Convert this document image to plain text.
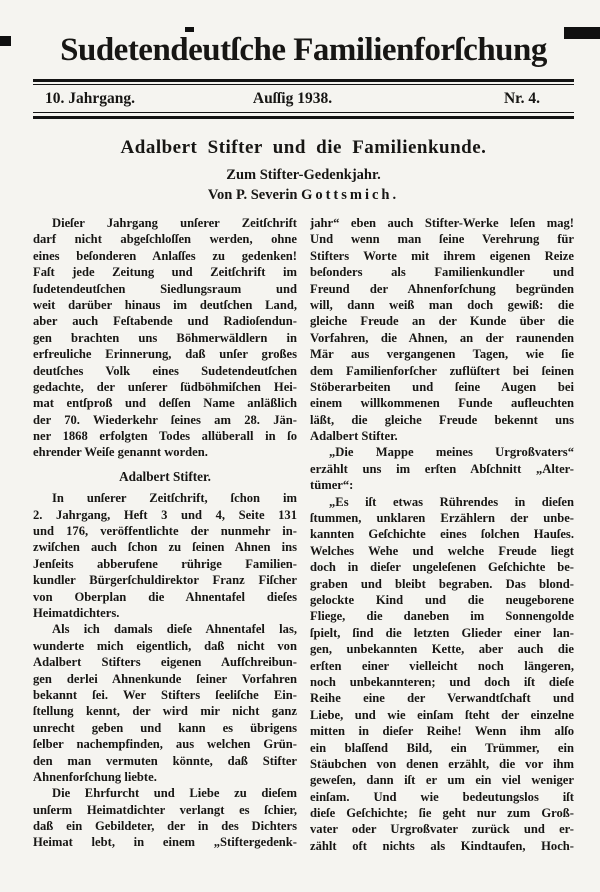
Sudetendeutſche Familienforſchung
10. Jahrgang.	Auſſig 1938.	Nr. 4.
Adalbert Stifter und die Familienkunde.
Zum Stifter-Gedenkjahr.
Von P. Severin Gottsmich.
Dieſer Jahrgang unſerer Zeitſchrift
darf nicht abgeſchloſſen werden, ohne
eines beſonderen Anlaſſes zu gedenken!
Faſt jede Zeitung und Zeitſchrift im
ſudetendeutſchen Siedlungsraum und
weit darüber hinaus im deutſchen Land,
aber auch Feſtabende und Radioſendun-
gen brachten uns Böhmerwäldlern in
erfreuliche Erinnerung, daß unſer großes
deutſches Volk eines Sudetendeutſchen
gedachte, der unſerer ſüdböhmiſchen Hei-
mat entſproß und deſſen Name anläßlich
der 70. Wiederkehr ſeines am 28. Jän-
ner 1868 erfolgten Todes allüberall in ſo
ehrender Weiſe genannt worden.
Adalbert Stifter.
In unſerer Zeitſchrift, ſchon im
2. Jahrgang, Heft 3 und 4, Seite 131
und 176, veröffentlichte der nunmehr in-
zwiſchen auch ſchon zu ſeinen Ahnen ins
Jenſeits abberufene rührige Familien-
kundler Bürgerſchuldirektor Franz Fiſcher
von Oberplan die Ahnentafel dieſes
Heimatdichters.
Als ich damals dieſe Ahnentafel las,
wunderte mich eigentlich, daß nicht von
Adalbert Stifters eigenen Aufſchreibun-
gen derlei Ahnenkunde ſeiner Vorfahren
bekannt ſei. Wer Stifters ſeeliſche Ein-
ſtellung kennt, der wird mir nicht ganz
unrecht geben und kann es übrigens
ſelber nachempfinden, aus welchen Grün-
den man vermuten könnte, daß Stifter
Ahnenforſchung liebte.
Die Ehrfurcht und Liebe zu dieſem
unſerm Heimatdichter verlangt es ſchier,
daß ein Gebildeter, der in des Dichters
Heimat lebt, in einem „Stiftergedenk-
jahr“ eben auch Stifter-Werke leſen mag!
Und wenn man ſeine Verehrung für
Stifters Worte mit ihrem eigenen Reize
beſonders als Familienkundler und
Freund der Ahnenforſchung begründen
will, dann weiß man doch gewiß: die
gleiche Freude an der Kunde über die
Vorfahren, die Ahnen, an der raunenden
Mär aus vergangenen Tagen, wie ſie
dem Familienforſcher zuflüſtert bei ſeinen
Stöberarbeiten und ſeine Augen bei
einem willkommenen Funde aufleuchten
läßt, die gleiche Freude bekennt uns
Adalbert Stifter.
„Die Mappe meines Urgroßvaters“
erzählt uns im erſten Abſchnitt „Alter-
tümer“:
„Es iſt etwas Rührendes in dieſen
ſtummen, unklaren Erzählern der unbe-
kannten Geſchichte eines ſolchen Hauſes.
Welches Wehe und welche Freude liegt
doch in dieſer ungeleſenen Geſchichte be-
graben und bleibt begraben. Das blond-
gelockte Kind und die neugeborene
Fliege, die daneben im Sonnengolde
ſpielt, ſind die letzten Glieder einer lan-
gen, unbekannten Kette, aber auch die
erſten einer vielleicht noch längeren,
noch unbekannteren; und doch iſt dieſe
Reihe eine der Verwandtſchaft und
Liebe, und wie einſam ſteht der einzelne
mitten in dieſer Reihe! Wenn ihm alſo
ein blaſſend Bild, ein Trümmer, ein
Stäubchen von denen erzählt, die vor ihm
geweſen, dann iſt er um ein viel weniger
einſam. Und wie bedeutungslos iſt
dieſe Geſchichte; ſie geht nur zum Groß-
vater oder Urgroßvater zurück und er-
zählt oft nichts als Kindtaufen, Hoch-
